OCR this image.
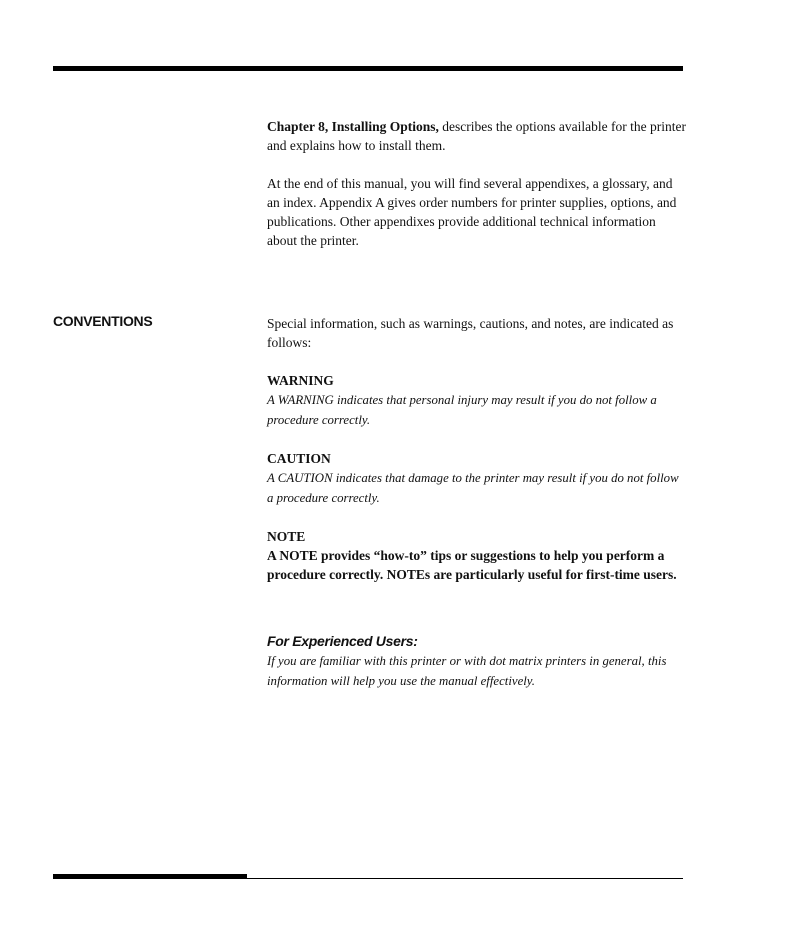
Chapter 8, Installing Options, describes the options available for the printer and explains how to install them.

At the end of this manual, you will find several appendixes, a glossary, and an index. Appendix A gives order numbers for printer supplies, options, and publications. Other appendixes provide additional technical information about the printer.

CONVENTIONS	Special information, such as warnings, cautions, and notes, are indicated as follows:

WARNING
A WARNING indicates that personal injury may result if you do not follow a procedure correctly.

CAUTION
A CAUTION indicates that damage to the printer may result if you do not follow a procedure correctly.

NOTE
A NOTE provides “how-to” tips or suggestions to help you perform a procedure correctly. NOTEs are particularly useful for first-time users.

For Experienced Users:
If you are familiar with this printer or with dot matrix printers in general, this information will help you use the manual effectively.
